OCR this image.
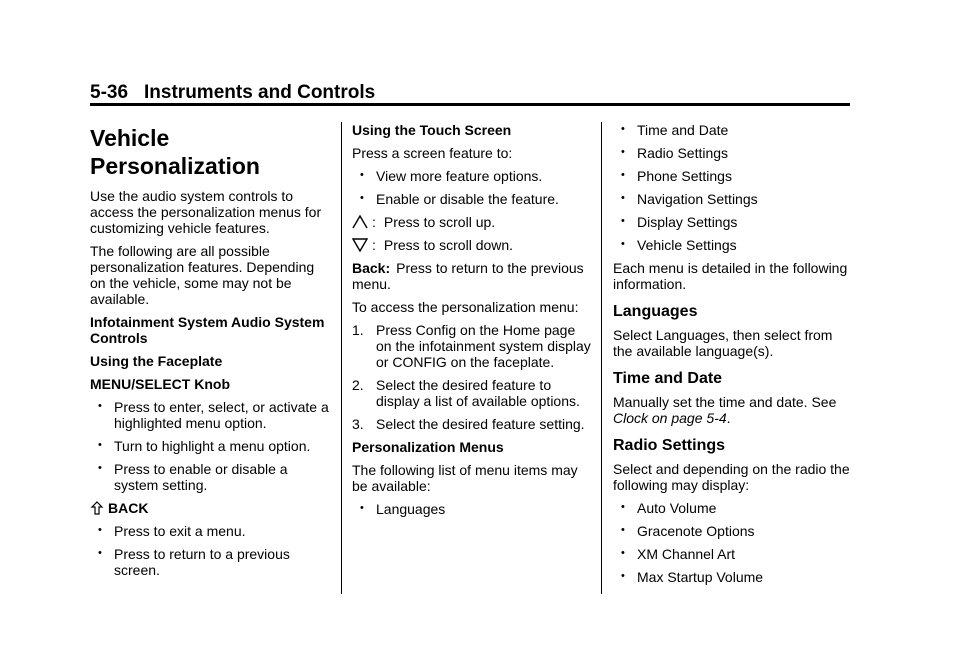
5-36 Instruments and Controls
Vehicle
Personalization

Use the audio system controls to access the personalization menus for customizing vehicle features.

The following are all possible personalization features. Depending on the vehicle, some may not be available.

Infotainment System Audio System Controls

Using the Faceplate

MENU/SELECT Knob

• Press to enter, select, or activate a highlighted menu option.
• Turn to highlight a menu option.
• Press to enable or disable a system setting.
BACK
• Press to exit a menu.
• Press to return to a previous screen.

Using the Touch Screen

Press a screen feature to:

• View more feature options.
• Enable or disable the feature.
: Press to scroll up.
: Press to scroll down.

Back: Press to return to the previous menu.

To access the personalization menu:

1. Press Config on the Home page on the infotainment system display or CONFIG on the faceplate.
2. Select the desired feature to display a list of available options.
3. Select the desired feature setting.

Personalization Menus

The following list of menu items may be available:

• Languages
• Time and Date
• Radio Settings
• Phone Settings
• Navigation Settings
• Display Settings
• Vehicle Settings

Each menu is detailed in the following information.

Languages

Select Languages, then select from the available language(s).

Time and Date

Manually set the time and date. See Clock on page 5-4.

Radio Settings

Select and depending on the radio the following may display:

• Auto Volume
• Gracenote Options
• XM Channel Art
• Max Startup Volume
